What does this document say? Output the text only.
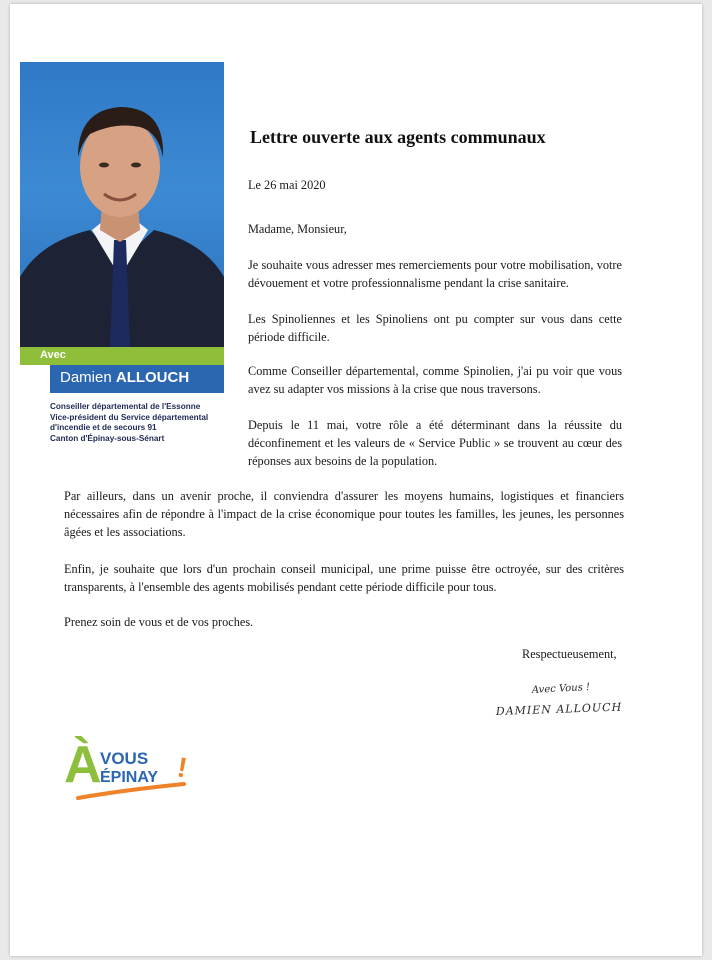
Avec
Damien ALLOUCH
Conseiller départemental de l'Essonne
Vice-président du Service départemental
d'incendie et de secours 91
Canton d'Épinay-sous-Sénart
Lettre ouverte aux agents communaux
Le 26 mai 2020
Madame, Monsieur,
Je souhaite vous adresser mes remerciements pour votre mobilisation, votre dévouement et votre professionnalisme pendant la crise sanitaire.
Les Spinoliennes et les Spinoliens ont pu compter sur vous dans cette période difficile.
Comme Conseiller départemental, comme Spinolien, j'ai pu voir que vous avez su adapter vos missions à la crise que nous traversons.
Depuis le 11 mai, votre rôle a été déterminant dans la réussite du déconfinement et les valeurs de « Service Public » se trouvent au cœur des réponses aux besoins de la population.
Par ailleurs, dans un avenir proche, il conviendra d'assurer les moyens humains, logistiques et financiers nécessaires afin de répondre à l'impact de la crise économique pour toutes les familles, les jeunes, les personnes âgées et les associations.
Enfin, je souhaite que lors d'un prochain conseil municipal, une prime puisse être octroyée, sur des critères transparents, à l'ensemble des agents mobilisés pendant cette période difficile pour tous.
Prenez soin de vous et de vos proches.
Respectueusement,
Avec Vous !
DAMIEN ALLOUCH
À
VOUS
ÉPINAY !
